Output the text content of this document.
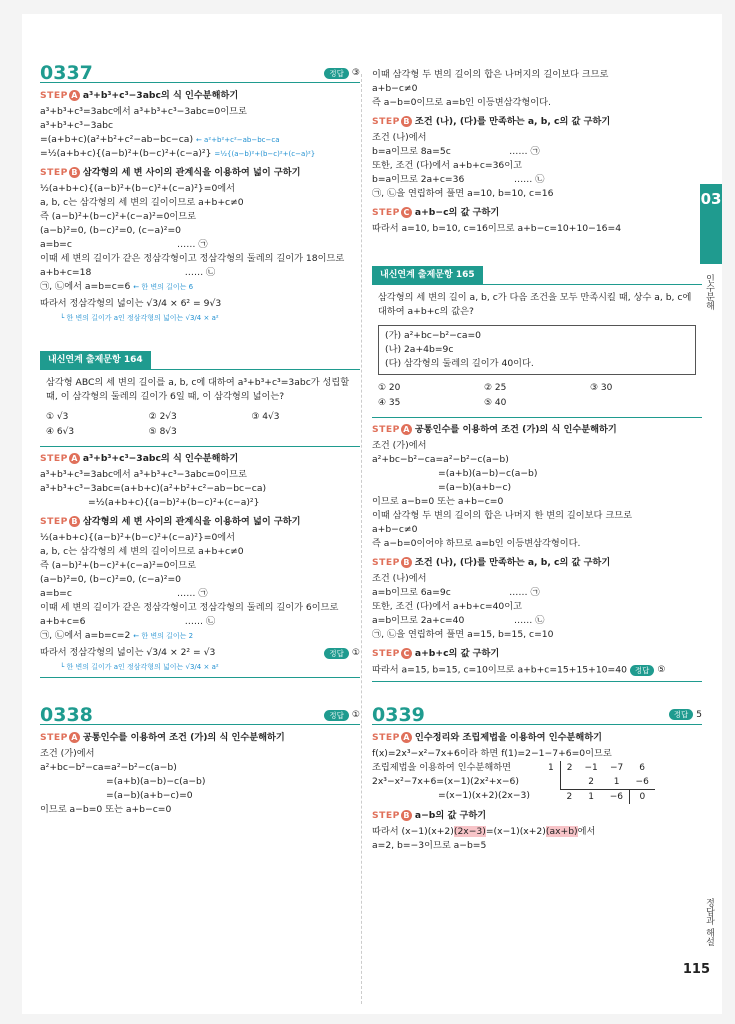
0337	정답 ③
STEP A a³+b³+c³−3abc의 식 인수분해하기
a³+b³+c³=3abc에서 a³+b³+c³−3abc=0이므로
a³+b³+c³−3abc
=(a+b+c)(a²+b²+c²−ab−bc−ca) ← a²+b²+c²−ab−bc−ca
=½(a+b+c){(a−b)²+(b−c)²+(c−a)²} =½{(a−b)²+(b−c)²+(c−a)²}
STEP B 삼각형의 세 변 사이의 관계식을 이용하여 넓이 구하기
½(a+b+c){(a−b)²+(b−c)²+(c−a)²}=0에서
a, b, c는 삼각형의 세 변의 길이이므로 a+b+c≠0
즉 (a−b)²+(b−c)²+(c−a)²=0이므로
(a−b)²=0, (b−c)²=0, (c−a)²=0
a=b=c                                    …… ㉠
이때 세 변의 길이가 같은 정삼각형이고 정삼각형의 둘레의 길이가 18이므로
a+b+c=18                                …… ㉡
㉠, ㉡에서 a=b=c=6 ← 한 변의 길이는 6
따라서 정삼각형의 넓이는 √3/4 × 6² = 9√3
└ 한 변의 길이가 a인 정삼각형의 넓이는 √3/4 × a²
내신연계 출제문항 164
삼각형 ABC의 세 변의 길이를 a, b, c에 대하여 a³+b³+c³=3abc가 성립할 때, 이 삼각형의 둘레의 길이가 6일 때, 이 삼각형의 넓이는?
① √3	② 2√3	③ 4√3
④ 6√3	⑤ 8√3
STEP A a³+b³+c³−3abc의 식 인수분해하기
a³+b³+c³=3abc에서 a³+b³+c³−3abc=0이므로
a³+b³+c³−3abc=(a+b+c)(a²+b²+c²−ab−bc−ca)
=½(a+b+c){(a−b)²+(b−c)²+(c−a)²}
STEP B 삼각형의 세 변 사이의 관계식을 이용하여 넓이 구하기
½(a+b+c){(a−b)²+(b−c)²+(c−a)²}=0에서
a, b, c는 삼각형의 세 변의 길이이므로 a+b+c≠0
즉 (a−b)²+(b−c)²+(c−a)²=0이므로
(a−b)²=0, (b−c)²=0, (c−a)²=0
a=b=c                                    …… ㉠
이때 세 변의 길이가 같은 정삼각형이고 정삼각형의 둘레의 길이가 6이므로
a+b+c=6                                  …… ㉡
㉠, ㉡에서 a=b=c=2 ← 한 변의 길이는 2
따라서 정삼각형의 넓이는 √3/4 × 2² = √3	정답 ①
└ 한 변의 길이가 a인 정삼각형의 넓이는 √3/4 × a²
0338	정답 ①
STEP A 공통인수를 이용하여 조건 (가)의 식 인수분해하기
조건 (가)에서
a²+bc−b²−ca=a²−b²−c(a−b)
=(a+b)(a−b)−c(a−b)
=(a−b)(a+b−c)=0
이므로 a−b=0 또는 a+b−c=0
이때 삼각형 두 변의 길이의 합은 나머지의 길이보다 크므로
a+b−c≠0
즉 a−b=0이므로 a=b인 이등변삼각형이다.
STEP B 조건 (나), (다)를 만족하는 a, b, c의 값 구하기
조건 (나)에서
b=a이므로 8a=5c                    …… ㉠
또한, 조건 (다)에서 a+b+c=36이고
b=a이므로 2a+c=36                 …… ㉡
㉠, ㉡을 연립하여 풀면 a=10, b=10, c=16
STEP C a+b−c의 값 구하기
따라서 a=10, b=10, c=16이므로 a+b−c=10+10−16=4
내신연계 출제문항 165
삼각형의 세 변의 길이 a, b, c가 다음 조건을 모두 만족시킬 때, 상수 a, b, c에 대하여 a+b+c의 값은?
(가) a²+bc−b²−ca=0
(나) 2a+4b=9c
(다) 삼각형의 둘레의 길이가 40이다.
① 20	② 25	③ 30
④ 35	⑤ 40
STEP A 공통인수를 이용하여 조건 (가)의 식 인수분해하기
조건 (가)에서
a²+bc−b²−ca=a²−b²−c(a−b)
=(a+b)(a−b)−c(a−b)
=(a−b)(a+b−c)
이므로 a−b=0 또는 a+b−c=0
이때 삼각형 두 변의 길이의 합은 나머지 한 변의 길이보다 크므로
a+b−c≠0
즉 a−b=0이어야 하므로 a=b인 이등변삼각형이다.
STEP B 조건 (나), (다)를 만족하는 a, b, c의 값 구하기
조건 (나)에서
a=b이므로 6a=9c                    …… ㉠
또한, 조건 (다)에서 a+b+c=40이고
a=b이므로 2a+c=40                 …… ㉡
㉠, ㉡을 연립하여 풀면 a=15, b=15, c=10
STEP C a+b+c의 값 구하기
따라서 a=15, b=15, c=10이므로 a+b+c=15+15+10=40	정답 ⑤
0339	정답 5
STEP A 인수정리와 조립제법을 이용하여 인수분해하기
f(x)=2x³−x²−7x+6이라 하면 f(1)=2−1−7+6=0이므로
조립제법을 이용하여 인수분해하면
2x³−x²−7x+6=(x−1)(2x²+x−6)
=(x−1)(x+2)(2x−3)
1	2	−1	−7	6
		2	1	−6
	2	1	−6	0
STEP B a−b의 값 구하기
따라서 (x−1)(x+2)(2x−3)=(x−1)(x+2)(ax+b)에서
a=2, b=−3이므로 a−b=5
03
인수분해
정답과 해설
115
